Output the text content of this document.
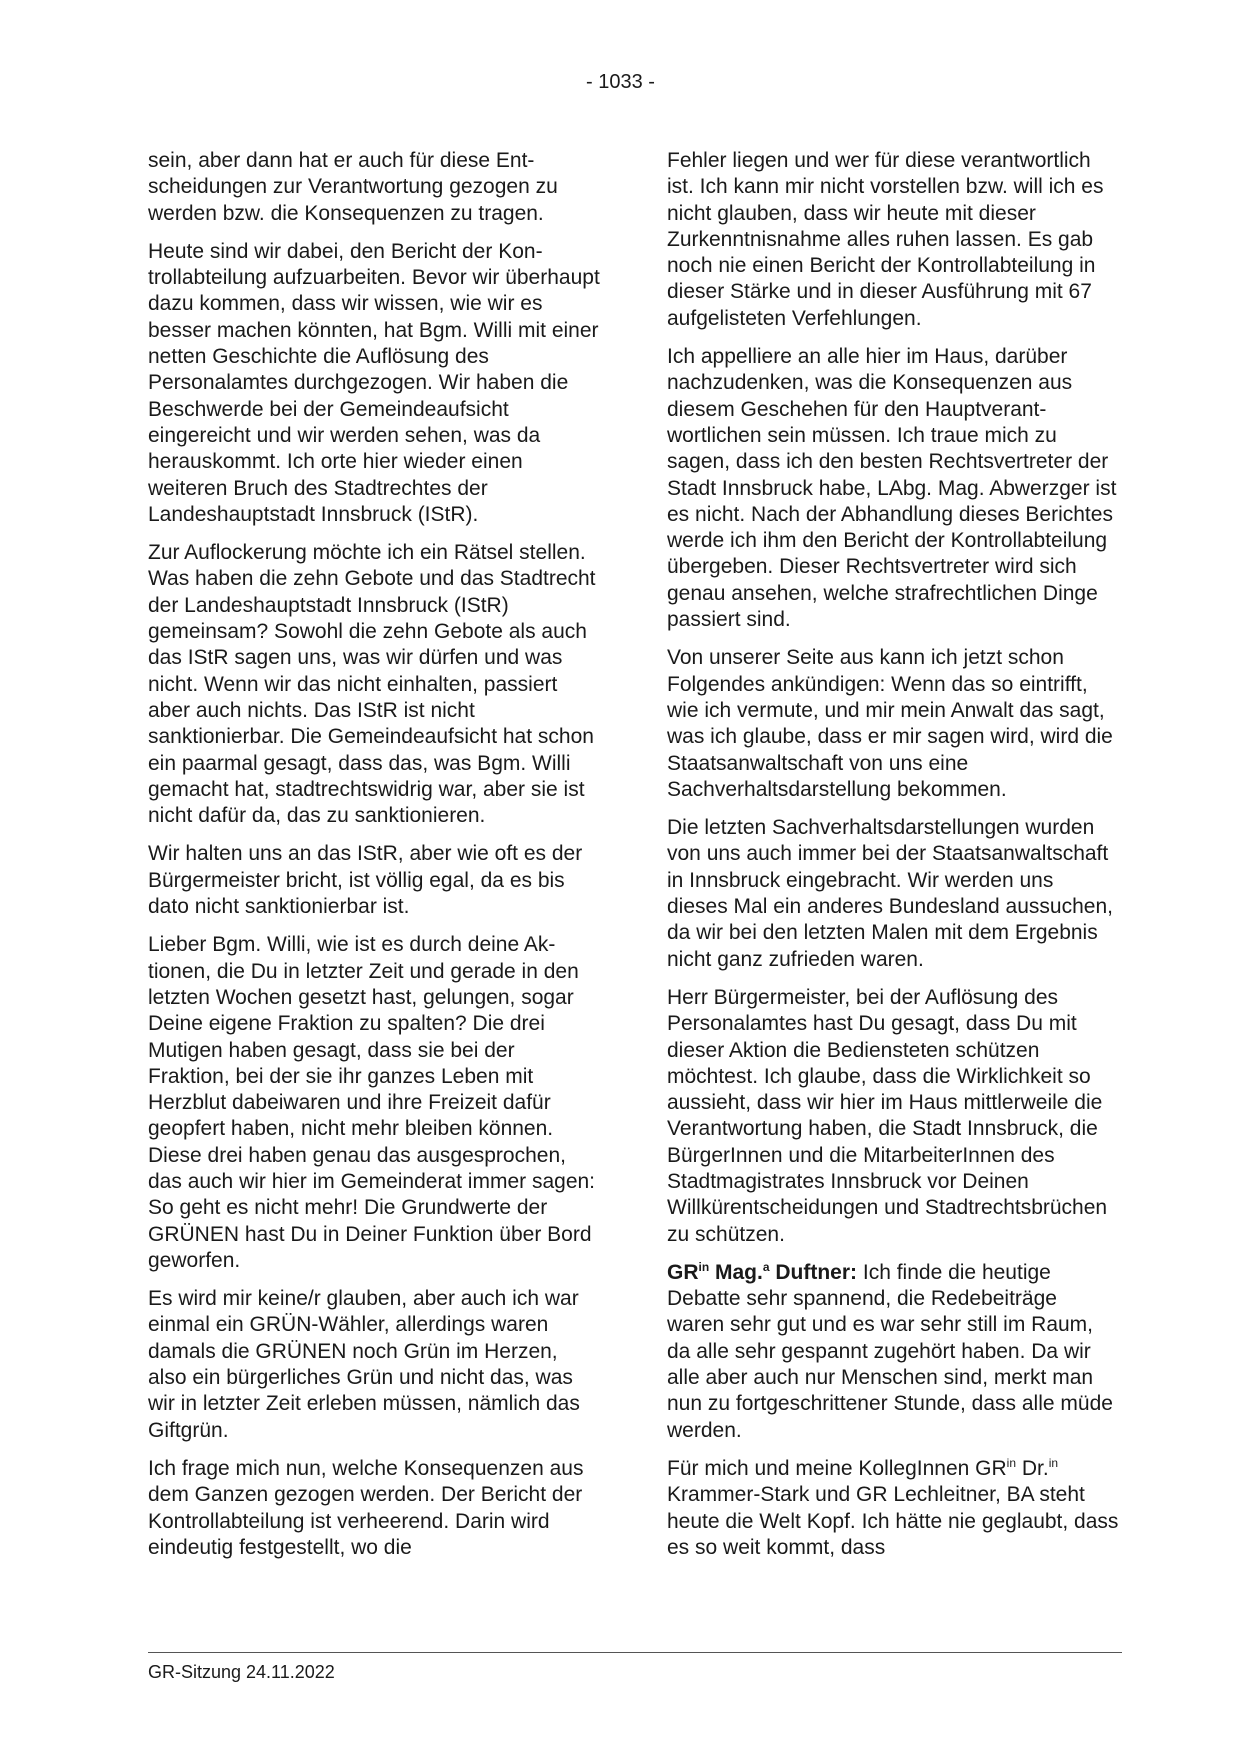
- 1033 -

sein, aber dann hat er auch für diese Entscheidungen zur Verantwortung gezogen zu werden bzw. die Konsequenzen zu tragen.

Heute sind wir dabei, den Bericht der Kontrollabteilung aufzuarbeiten. Bevor wir überhaupt dazu kommen, dass wir wissen, wie wir es besser machen könnten, hat Bgm. Willi mit einer netten Geschichte die Auflösung des Personalamtes durchgezogen. Wir haben die Beschwerde bei der Gemeindeaufsicht eingereicht und wir werden sehen, was da herauskommt. Ich orte hier wieder einen weiteren Bruch des Stadtrechtes der Landeshauptstadt Innsbruck (IStR).

Zur Auflockerung möchte ich ein Rätsel stellen. Was haben die zehn Gebote und das Stadtrecht der Landeshauptstadt Innsbruck (IStR) gemeinsam? Sowohl die zehn Gebote als auch das IStR sagen uns, was wir dürfen und was nicht. Wenn wir das nicht einhalten, passiert aber auch nichts. Das IStR ist nicht sanktionierbar. Die Gemeindeaufsicht hat schon ein paarmal gesagt, dass das, was Bgm. Willi gemacht hat, stadtrechtswidrig war, aber sie ist nicht dafür da, das zu sanktionieren.

Wir halten uns an das IStR, aber wie oft es der Bürgermeister bricht, ist völlig egal, da es bis dato nicht sanktionierbar ist.

Lieber Bgm. Willi, wie ist es durch deine Aktionen, die Du in letzter Zeit und gerade in den letzten Wochen gesetzt hast, gelungen, sogar Deine eigene Fraktion zu spalten? Die drei Mutigen haben gesagt, dass sie bei der Fraktion, bei der sie ihr ganzes Leben mit Herzblut dabeiwaren und ihre Freizeit dafür geopfert haben, nicht mehr bleiben können. Diese drei haben genau das ausgesprochen, das auch wir hier im Gemeinderat immer sagen: So geht es nicht mehr! Die Grundwerte der GRÜNEN hast Du in Deiner Funktion über Bord geworfen.

Es wird mir keine/r glauben, aber auch ich war einmal ein GRÜN-Wähler, allerdings waren damals die GRÜNEN noch Grün im Herzen, also ein bürgerliches Grün und nicht das, was wir in letzter Zeit erleben müssen, nämlich das Giftgrün.

Ich frage mich nun, welche Konsequenzen aus dem Ganzen gezogen werden. Der Bericht der Kontrollabteilung ist verheerend. Darin wird eindeutig festgestellt, wo die

Fehler liegen und wer für diese verantwortlich ist. Ich kann mir nicht vorstellen bzw. will ich es nicht glauben, dass wir heute mit dieser Zurkenntnisnahme alles ruhen lassen. Es gab noch nie einen Bericht der Kontrollabteilung in dieser Stärke und in dieser Ausführung mit 67 aufgelisteten Verfehlungen.

Ich appelliere an alle hier im Haus, darüber nachzudenken, was die Konsequenzen aus diesem Geschehen für den Hauptverantwortlichen sein müssen. Ich traue mich zu sagen, dass ich den besten Rechtsvertreter der Stadt Innsbruck habe, LAbg. Mag. Abwerzger ist es nicht. Nach der Abhandlung dieses Berichtes werde ich ihm den Bericht der Kontrollabteilung übergeben. Dieser Rechtsvertreter wird sich genau ansehen, welche strafrechtlichen Dinge passiert sind.

Von unserer Seite aus kann ich jetzt schon Folgendes ankündigen: Wenn das so eintrifft, wie ich vermute, und mir mein Anwalt das sagt, was ich glaube, dass er mir sagen wird, wird die Staatsanwaltschaft von uns eine Sachverhaltsdarstellung bekommen.

Die letzten Sachverhaltsdarstellungen wurden von uns auch immer bei der Staatsanwaltschaft in Innsbruck eingebracht. Wir werden uns dieses Mal ein anderes Bundesland aussuchen, da wir bei den letzten Malen mit dem Ergebnis nicht ganz zufrieden waren.

Herr Bürgermeister, bei der Auflösung des Personalamtes hast Du gesagt, dass Du mit dieser Aktion die Bediensteten schützen möchtest. Ich glaube, dass die Wirklichkeit so aussieht, dass wir hier im Haus mittlerweile die Verantwortung haben, die Stadt Innsbruck, die BürgerInnen und die MitarbeiterInnen des Stadtmagistrates Innsbruck vor Deinen Willkürentscheidungen und Stadtrechtsbrüchen zu schützen.

$GR^{in}$ Mag.$^a$ Duftner: Ich finde die heutige Debatte sehr spannend, die Redebeiträge waren sehr gut und es war sehr still im Raum, da alle sehr gespannt zugehört haben. Da wir alle aber auch nur Menschen sind, merkt man nun zu fortgeschrittener Stunde, dass alle müde werden.

Für mich und meine KollegInnen $GR^{in}$ Dr.$^{in}$ Krammer-Stark und GR Lechleitner, BA steht heute die Welt Kopf. Ich hätte nie geglaubt, dass es so weit kommt, dass

GR-Sitzung 24.11.2022
